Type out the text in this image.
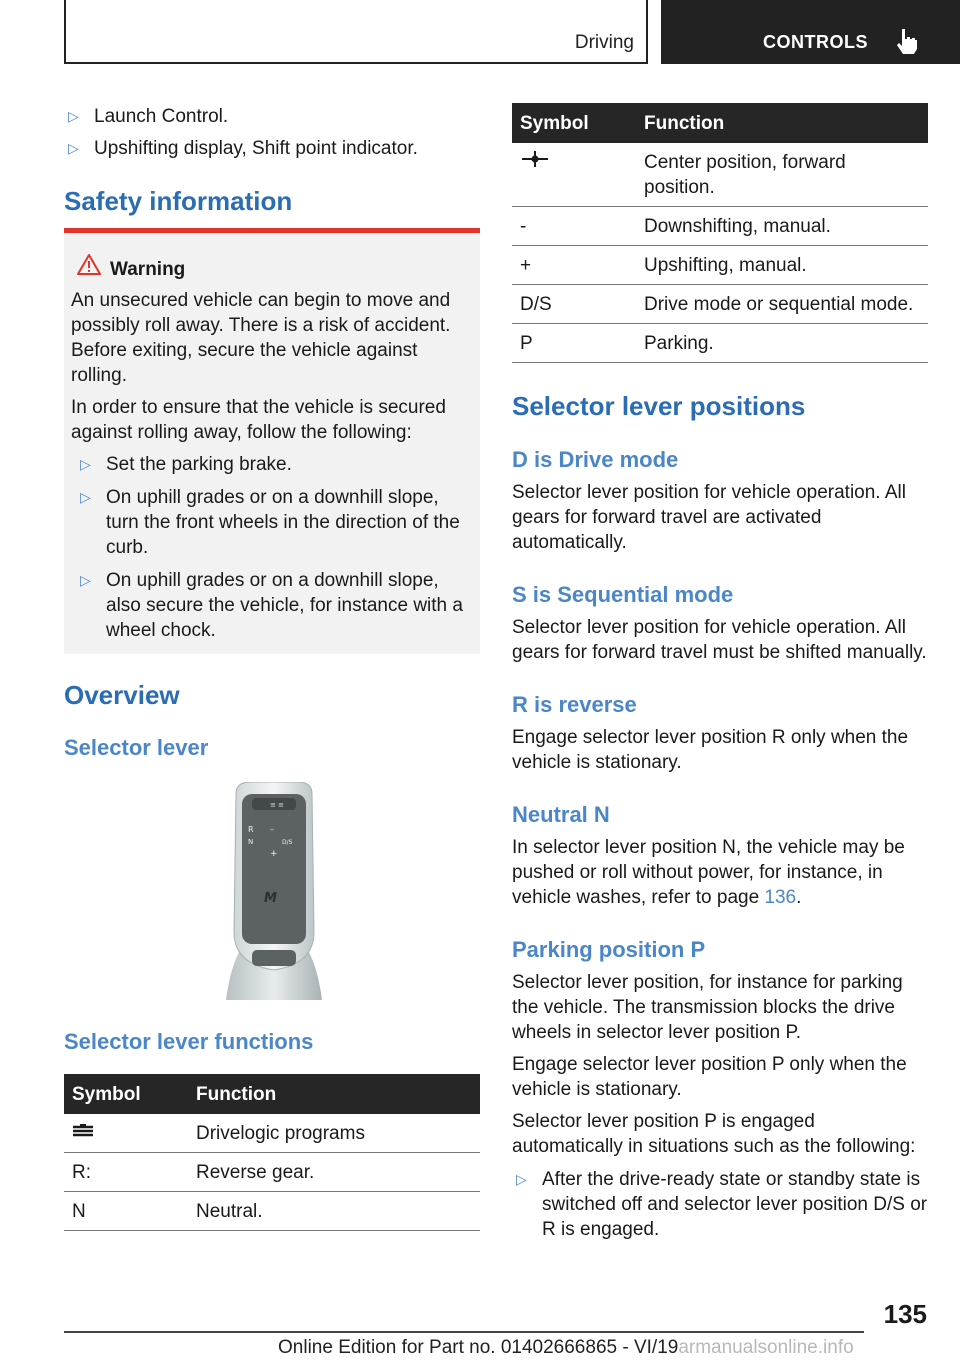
Driving	CONTROLS
▷ Launch Control.
▷ Upshifting display, Shift point indicator.
Safety information
Warning
An unsecured vehicle can begin to move and possibly roll away. There is a risk of accident. Before exiting, secure the vehicle against rolling.
In order to ensure that the vehicle is secured against rolling away, follow the following:
▷ Set the parking brake.
▷ On uphill grades or on a downhill slope, turn the front wheels in the direction of the curb.
▷ On uphill grades or on a downhill slope, also secure the vehicle, for instance with a wheel chock.
Overview
Selector lever
≡ ≡
R –
N	D/S
+
M
Selector lever functions
Symbol	Function
	Drivelogic programs
R:	Reverse gear.
N	Neutral.
Symbol	Function
	Center position, forward position.
-	Downshifting, manual.
+	Upshifting, manual.
D/S	Drive mode or sequential mode.
P	Parking.
Selector lever positions
D is Drive mode
Selector lever position for vehicle operation. All gears for forward travel are activated automatically.
S is Sequential mode
Selector lever position for vehicle operation. All gears for forward travel must be shifted manually.
R is reverse
Engage selector lever position R only when the vehicle is stationary.
Neutral N
In selector lever position N, the vehicle may be pushed or roll without power, for instance, in vehicle washes, refer to page 136.
Parking position P
Selector lever position, for instance for parking the vehicle. The transmission blocks the drive wheels in selector lever position P.
Engage selector lever position P only when the vehicle is stationary.
Selector lever position P is engaged automatically in situations such as the following:
▷ After the drive-ready state or standby state is switched off and selector lever position D/S or R is engaged.
135
Online Edition for Part no. 01402666865 - VI/19armanualsonline.info
